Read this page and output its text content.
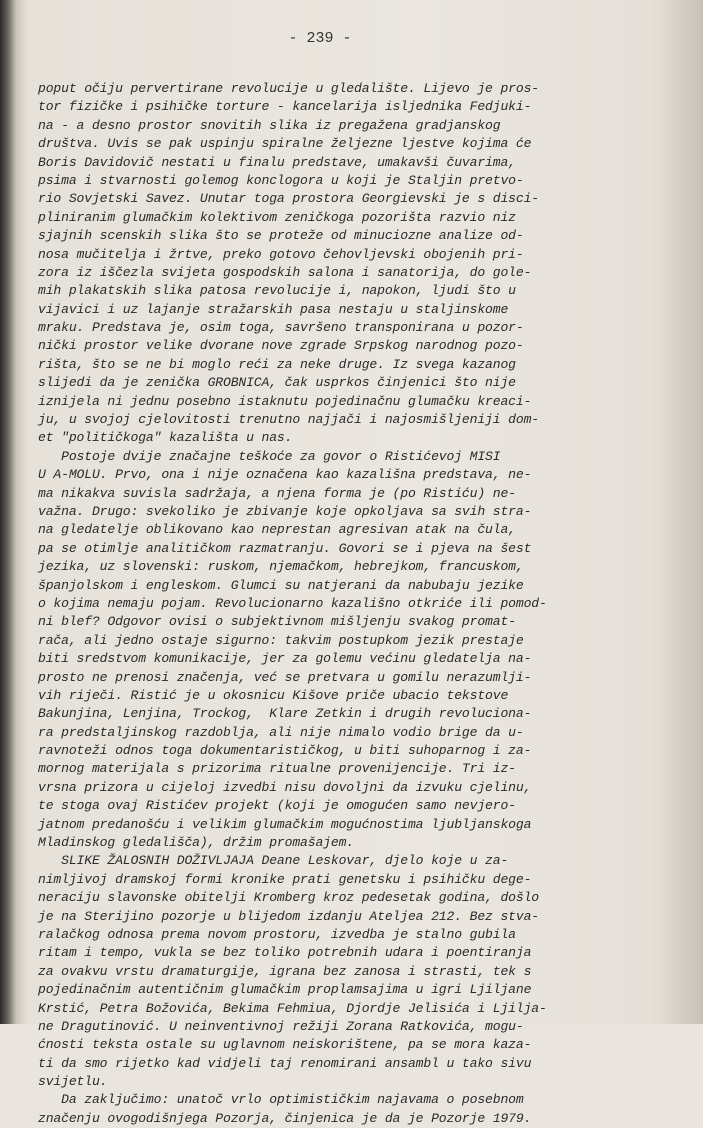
- 239 -
poput očiju pervertirane revolucije u gledalište. Lijevo je pros-
tor fizičke i psihičke torture - kancelarija isljednika Fedjuki-
na - a desno prostor snovitih slika iz pregažena gradjanskog
društva. Uvis se pak uspinju spiralne željezne ljestve kojima će
Boris Davidovič nestati u finalu predstave, umakavši čuvarima,
psima i stvarnosti golemog konclogora u koji je Staljin pretvo-
rio Sovjetski Savez. Unutar toga prostora Georgievski je s disci-
pliniranim glumačkim kolektivom zeničkoga pozorišta razvio niz
sjajnih scenskih slika što se proteže od minuciozne analize od-
nosa mučitelja i žrtve, preko gotovo čehovljevski obojenih pri-
zora iz iščezla svijeta gospodskih salona i sanatorija, do gole-
mih plakatskih slika patosa revolucije i, napokon, ljudi što u
vijavici i uz lajanje stražarskih pasa nestaju u staljinskome
mraku. Predstava je, osim toga, savršeno transponirana u pozor-
nički prostor velike dvorane nove zgrade Srpskog narodnog pozo-
rišta, što se ne bi moglo reći za neke druge. Iz svega kazanog
slijedi da je zenička GROBNICA, čak usprkos činjenici što nije
iznijela ni jednu posebno istaknutu pojedinačnu glumačku kreaci-
ju, u svojoj cjelovitosti trenutno najjači i najosmišljeniji dom-
et "političkoga" kazališta u nas.
Postoje dvije značajne teškoće za govor o Ristićevoj MISI
U A-MOLU. Prvo, ona i nije označena kao kazališna predstava, ne-
ma nikakva suvisla sadržaja, a njena forma je (po Ristiću) ne-
važna. Drugo: svekoliko je zbivanje koje opkoljava sa svih stra-
na gledatelje oblikovano kao neprestan agresivan atak na čula,
pa se otimlje analitičkom razmatranju. Govori se i pjeva na šest
jezika, uz slovenski: ruskom, njemačkom, hebrejkom, francuskom,
španjolskom i engleskom. Glumci su natjerani da nabubaju jezike
o kojima nemaju pojam. Revolucionarno kazališno otkriće ili pomod-
ni blef? Odgovor ovisi o subjektivnom mišljenju svakog promat-
rača, ali jedno ostaje sigurno: takvim postupkom jezik prestaje
biti sredstvom komunikacije, jer za golemu većinu gledatelja na-
prosto ne prenosi značenja, već se pretvara u gomilu nerazumlji-
vih riječi. Ristić je u okosnicu Kišove priče ubacio tekstove
Bakunjina, Lenjina, Trockog,  Klare Zetkin i drugih revoluciona-
ra predstaljinskog razdoblja, ali nije nimalo vodio brige da u-
ravnoteži odnos toga dokumentarističkog, u biti suhoparnog i za-
mornog materijala s prizorima ritualne provenijencije. Tri iz-
vrsna prizora u cijeloj izvedbi nisu dovoljni da izvuku cjelinu,
te stoga ovaj Ristićev projekt (koji je omogućen samo nevjero-
jatnom predanošću i velikim glumačkim mogućnostima ljubljanskoga
Mladinskog gledališča), držim promašajem.
SLIKE ŽALOSNIH DOŽIVLJAJA Deane Leskovar, djelo koje u za-
nimljivoj dramskoj formi kronike prati genetsku i psihičku dege-
neraciju slavonske obitelji Kromberg kroz pedesetak godina, došlo
je na Sterijino pozorje u blijedom izdanju Ateljea 212. Bez stva-
ralačkog odnosa prema novom prostoru, izvedba je stalno gubila
ritam i tempo, vukla se bez toliko potrebnih udara i poentiranja
za ovakvu vrstu dramaturgije, igrana bez zanosa i strasti, tek s
pojedinačnim autentičnim glumačkim proplamsajima u igri Ljiljane
Krstić, Petra Božovića, Bekima Fehmiua, Djordje Jelisića i Ljilja-
ne Dragutinović. U neinventivnoj režiji Zorana Ratkovića, mogu-
ćnosti teksta ostale su uglavnom neiskorištene, pa se mora kaza-
ti da smo rijetko kad vidjeli taj renomirani ansambl u tako sivu
svijetlu.
Da zaključimo: unatoč vrlo optimističkim najavama o posebnom
značenju ovogodišnjega Pozorja, činjenica je da je Pozorje 1979.
